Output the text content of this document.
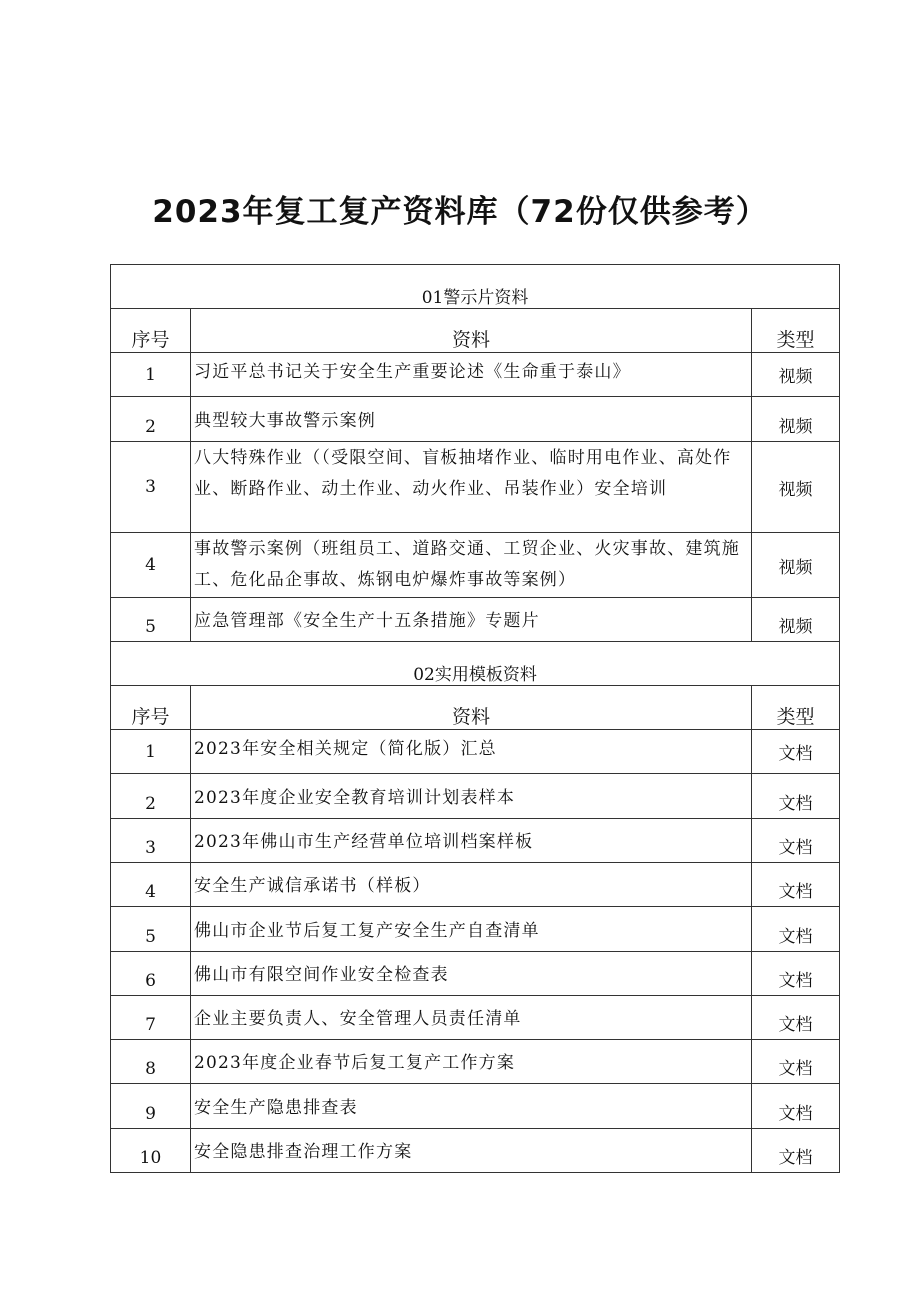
2023年复工复产资料库（72份仅供参考）
01警示片资料		
序号	资料	类型
1	习近平总书记关于安全生产重要论述《生命重于泰山》	视频
2	典型较大事故警示案例	视频
3	八大特殊作业（（受限空间、盲板抽堵作业、临时用电作业、高处作业、断路作业、动土作业、动火作业、吊装作业）安全培训	视频
4	事故警示案例（班组员工、道路交通、工贸企业、火灾事故、建筑施工、危化品企事故、炼钢电炉爆炸事故等案例）	视频
5	应急管理部《安全生产十五条措施》专题片	视频
02实用模板资料		
序号	资料	类型
1	2023年安全相关规定（简化版）汇总	文档
2	2023年度企业安全教育培训计划表样本	文档
3	2023年佛山市生产经营单位培训档案样板	文档
4	安全生产诚信承诺书（样板）	文档
5	佛山市企业节后复工复产安全生产自查清单	文档
6	佛山市有限空间作业安全检查表	文档
7	企业主要负责人、安全管理人员责任清单	文档
8	2023年度企业春节后复工复产工作方案	文档
9	安全生产隐患排查表	文档
10	安全隐患排查治理工作方案	文档
